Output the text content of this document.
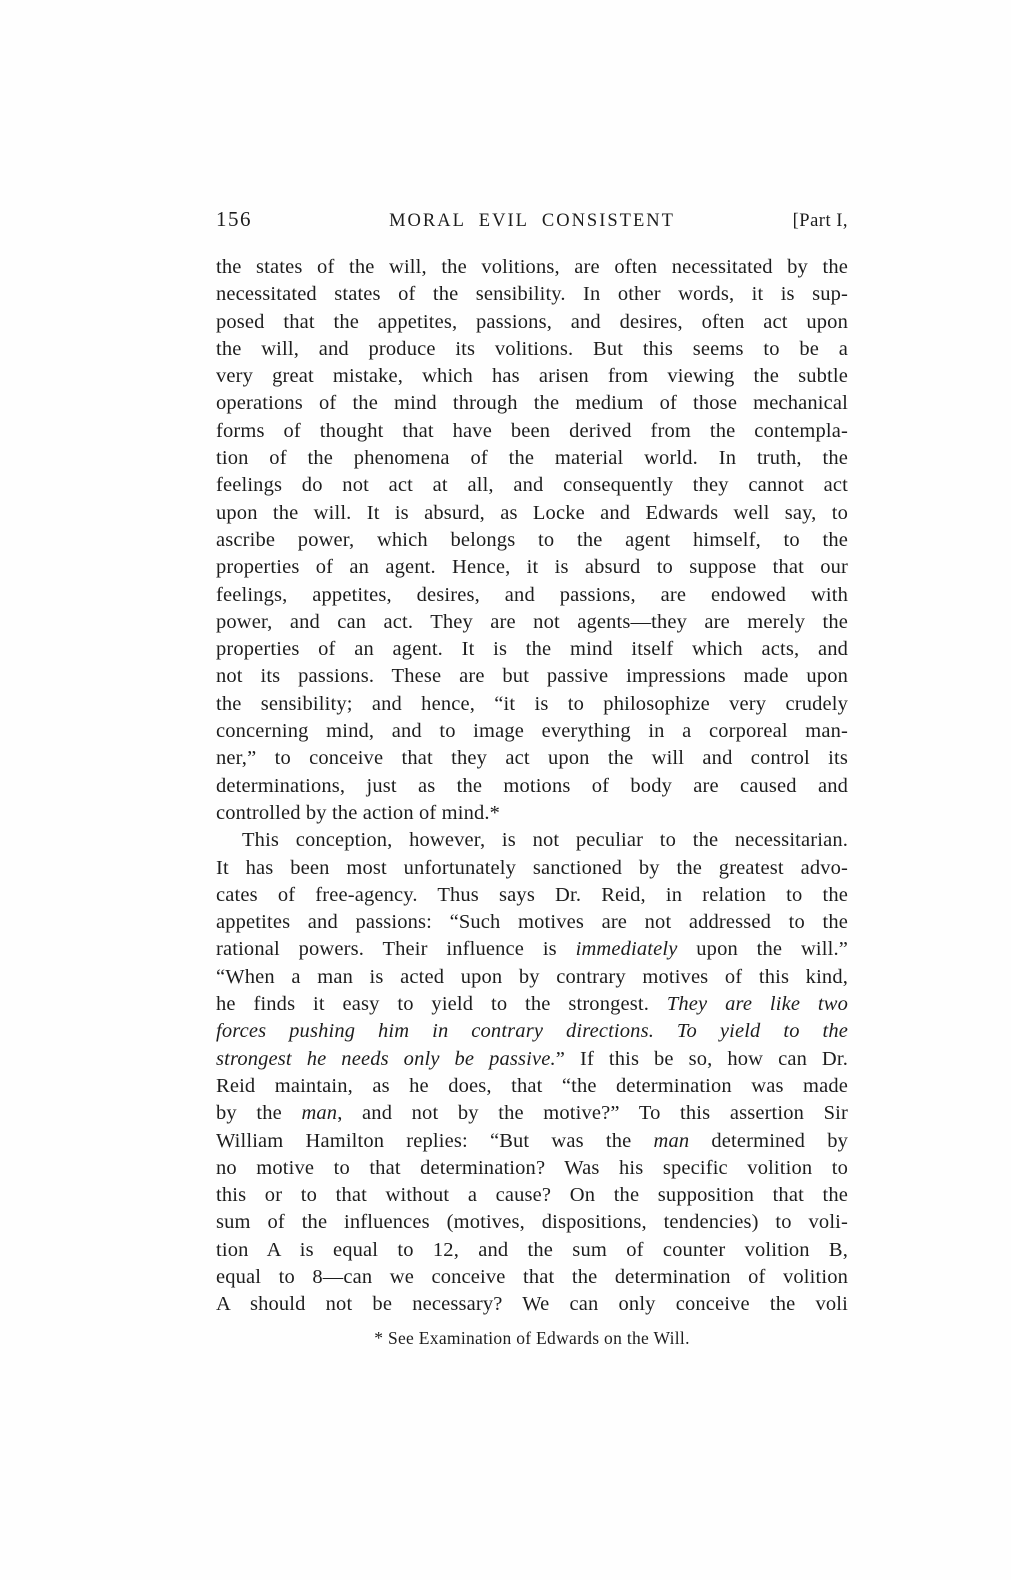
156	MORAL EVIL CONSISTENT	[Part I,
the states of the will, the volitions, are often necessitated by the
necessitated states of the sensibility. In other words, it is sup-
posed that the appetites, passions, and desires, often act upon
the will, and produce its volitions. But this seems to be a
very great mistake, which has arisen from viewing the subtle
operations of the mind through the medium of those mechanical
forms of thought that have been derived from the contempla-
tion of the phenomena of the material world. In truth, the
feelings do not act at all, and consequently they cannot act
upon the will. It is absurd, as Locke and Edwards well say, to
ascribe power, which belongs to the agent himself, to the
properties of an agent. Hence, it is absurd to suppose that our
feelings, appetites, desires, and passions, are endowed with
power, and can act. They are not agents—they are merely the
properties of an agent. It is the mind itself which acts, and
not its passions. These are but passive impressions made upon
the sensibility; and hence, “it is to philosophize very crudely
concerning mind, and to image everything in a corporeal man-
ner,” to conceive that they act upon the will and control its
determinations, just as the motions of body are caused and
controlled by the action of mind.*
This conception, however, is not peculiar to the necessitarian.
It has been most unfortunately sanctioned by the greatest advo-
cates of free-agency. Thus says Dr. Reid, in relation to the
appetites and passions: “Such motives are not addressed to the
rational powers. Their influence is immediately upon the will.”
“When a man is acted upon by contrary motives of this kind,
he finds it easy to yield to the strongest. They are like two
forces pushing him in contrary directions. To yield to the
strongest he needs only be passive.” If this be so, how can Dr.
Reid maintain, as he does, that “the determination was made
by the man, and not by the motive?” To this assertion Sir
William Hamilton replies: “But was the man determined by
no motive to that determination? Was his specific volition to
this or to that without a cause? On the supposition that the
sum of the influences (motives, dispositions, tendencies) to voli-
tion A is equal to 12, and the sum of counter volition B,
equal to 8—can we conceive that the determination of volition
A should not be necessary? We can only conceive the voli
* See Examination of Edwards on the Will.
